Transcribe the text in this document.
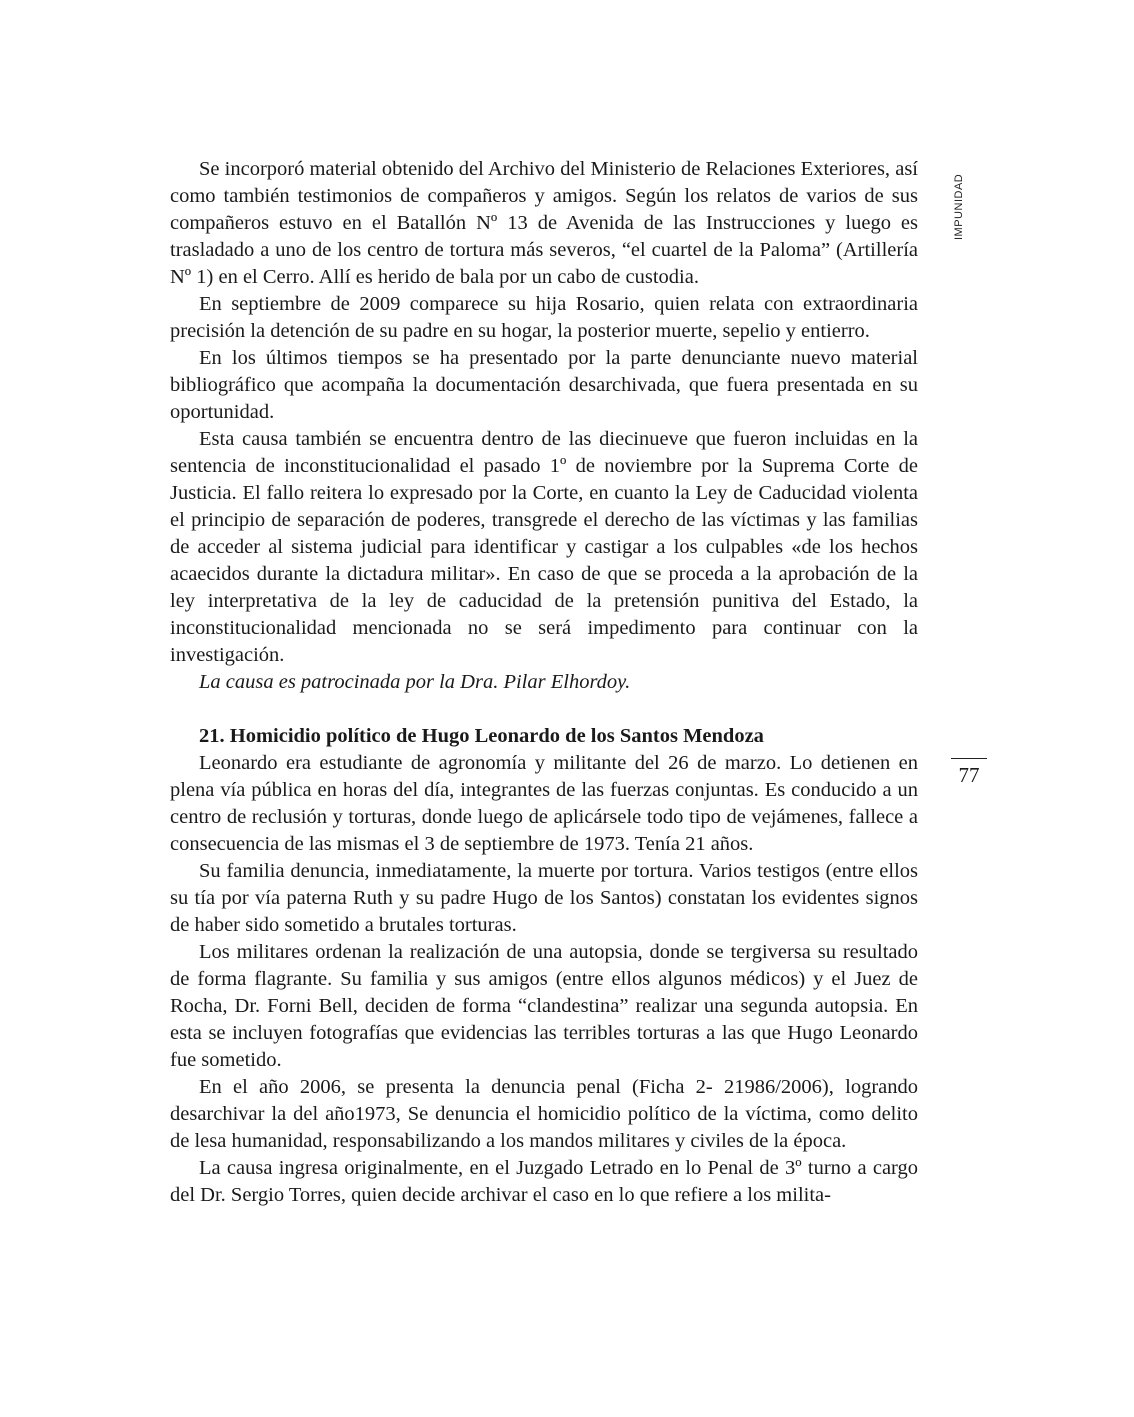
IMPUNIDAD
77

Se incorporó material obtenido del Archivo del Ministerio de Relaciones Exteriores, así como también testimonios de compañeros y amigos. Según los relatos de varios de sus compañeros estuvo en el Batallón Nº 13 de Avenida de las Instrucciones y luego es trasladado a uno de los centro de tortura más severos, “el cuartel de la Paloma” (Artillería Nº 1) en el Cerro. Allí es herido de bala por un cabo de custodia.

En septiembre de 2009 comparece su hija Rosario, quien relata con extraordinaria precisión la detención de su padre en su hogar, la posterior muerte, sepelio y entierro.

En los últimos tiempos se ha presentado por la parte denunciante nuevo material bibliográfico que acompaña la documentación desarchivada, que fuera presentada en su oportunidad.

Esta causa también se encuentra dentro de las diecinueve que fueron incluidas en la sentencia de inconstitucionalidad el pasado 1º de noviembre por la Suprema Corte de Justicia. El fallo reitera lo expresado por la Corte, en cuanto la Ley de Caducidad violenta el principio de separación de poderes, transgrede el derecho de las víctimas y las familias de acceder al sistema judicial para identificar y castigar a los culpables «de los hechos acaecidos durante la dictadura militar». En caso de que se proceda a la aprobación de la ley interpretativa de la ley de caducidad de la pretensión punitiva del Estado, la inconstitucionalidad mencionada no se será impedimento para continuar con la investigación.

La causa es patrocinada por la Dra. Pilar Elhordoy.

21. Homicidio político de Hugo Leonardo de los Santos Mendoza

Leonardo era estudiante de agronomía y militante del 26 de marzo. Lo detienen en plena vía pública en horas del día, integrantes de las fuerzas conjuntas. Es conducido a un centro de reclusión y torturas, donde luego de aplicársele todo tipo de vejámenes, fallece a consecuencia de las mismas el 3 de septiembre de 1973. Tenía 21 años.

Su familia denuncia, inmediatamente, la muerte por tortura. Varios testigos (entre ellos su tía por vía paterna Ruth y su padre Hugo de los Santos) constatan los evidentes signos de haber sido sometido a brutales torturas.

Los militares ordenan la realización de una autopsia, donde se tergiversa su resultado de forma flagrante. Su familia y sus amigos (entre ellos algunos médicos) y el Juez de Rocha, Dr. Forni Bell, deciden de forma “clandestina” realizar una segunda autopsia. En esta se incluyen fotografías que evidencias las terribles torturas a las que Hugo Leonardo fue sometido.

En el año 2006, se presenta la denuncia penal (Ficha 2- 21986/2006), logrando desarchivar la del año1973, Se denuncia el homicidio político de la víctima, como delito de lesa humanidad, responsabilizando a los mandos militares y civiles de la época.

La causa ingresa originalmente, en el Juzgado Letrado en lo Penal de 3º turno a cargo del Dr. Sergio Torres, quien decide archivar el caso en lo que refiere a los milita-
